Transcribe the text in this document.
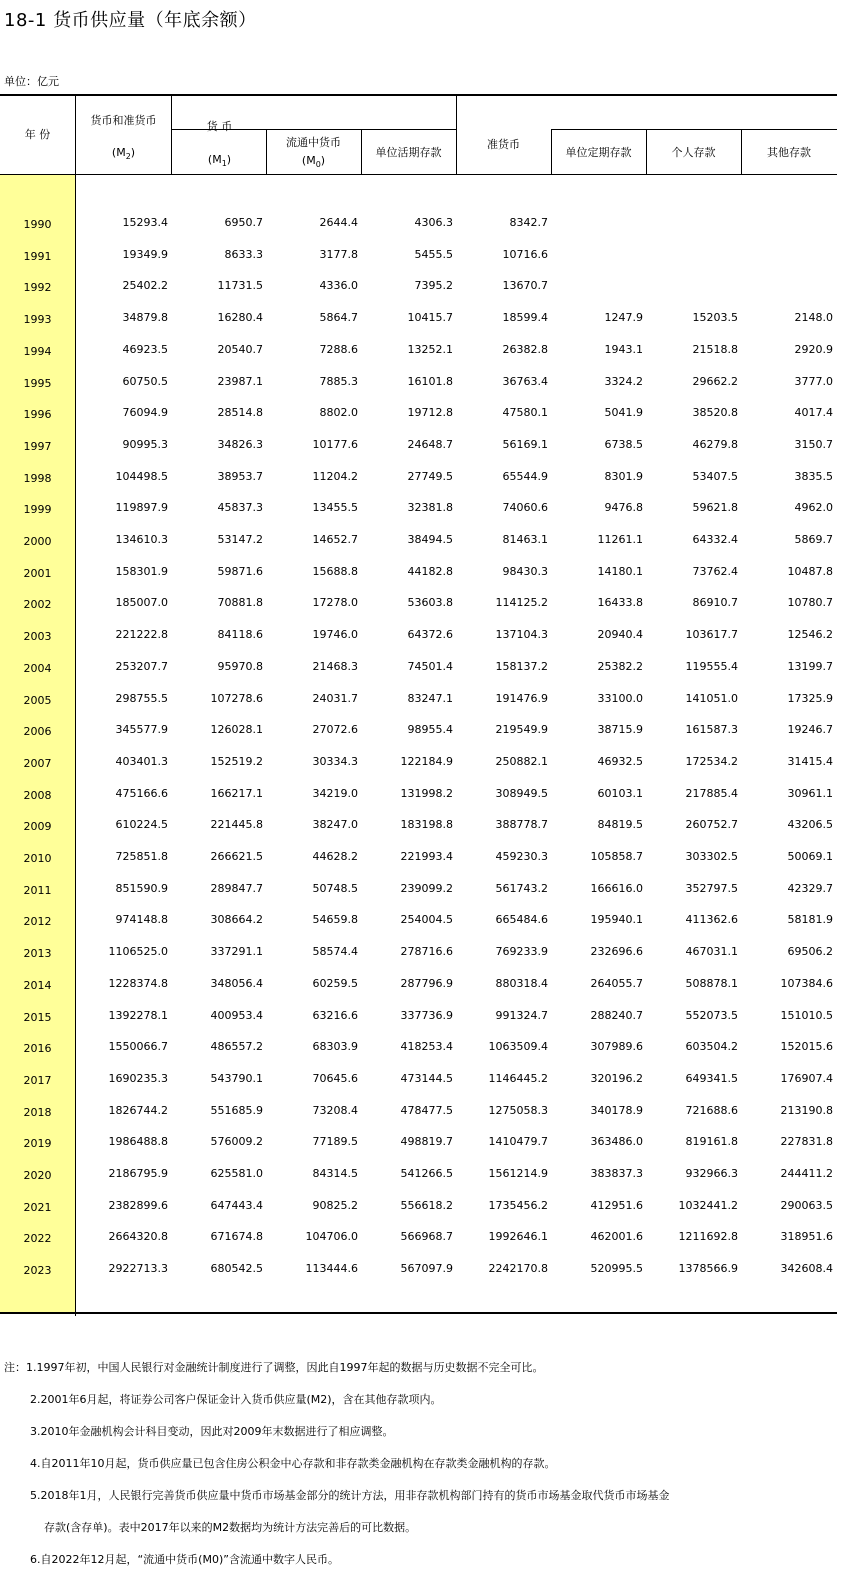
18-1 货币供应量（年底余额）
单位：亿元
年 份
货币和准货币
$(M_2)$
货 币
$(M_1)$
流通中货币
$(M_0)$
单位活期存款
准货币
单位定期存款	个人存款	其他存款
1990	15293.4	6950.7	2644.4	4306.3	8342.7
1991	19349.9	8633.3	3177.8	5455.5	10716.6
1992	25402.2	11731.5	4336.0	7395.2	13670.7
1993	34879.8	16280.4	5864.7	10415.7	18599.4	1247.9	15203.5	2148.0
1994	46923.5	20540.7	7288.6	13252.1	26382.8	1943.1	21518.8	2920.9
1995	60750.5	23987.1	7885.3	16101.8	36763.4	3324.2	29662.2	3777.0
1996	76094.9	28514.8	8802.0	19712.8	47580.1	5041.9	38520.8	4017.4
1997	90995.3	34826.3	10177.6	24648.7	56169.1	6738.5	46279.8	3150.7
1998	104498.5	38953.7	11204.2	27749.5	65544.9	8301.9	53407.5	3835.5
1999	119897.9	45837.3	13455.5	32381.8	74060.6	9476.8	59621.8	4962.0
2000	134610.3	53147.2	14652.7	38494.5	81463.1	11261.1	64332.4	5869.7
2001	158301.9	59871.6	15688.8	44182.8	98430.3	14180.1	73762.4	10487.8
2002	185007.0	70881.8	17278.0	53603.8	114125.2	16433.8	86910.7	10780.7
2003	221222.8	84118.6	19746.0	64372.6	137104.3	20940.4	103617.7	12546.2
2004	253207.7	95970.8	21468.3	74501.4	158137.2	25382.2	119555.4	13199.7
2005	298755.5	107278.6	24031.7	83247.1	191476.9	33100.0	141051.0	17325.9
2006	345577.9	126028.1	27072.6	98955.4	219549.9	38715.9	161587.3	19246.7
2007	403401.3	152519.2	30334.3	122184.9	250882.1	46932.5	172534.2	31415.4
2008	475166.6	166217.1	34219.0	131998.2	308949.5	60103.1	217885.4	30961.1
2009	610224.5	221445.8	38247.0	183198.8	388778.7	84819.5	260752.7	43206.5
2010	725851.8	266621.5	44628.2	221993.4	459230.3	105858.7	303302.5	50069.1
2011	851590.9	289847.7	50748.5	239099.2	561743.2	166616.0	352797.5	42329.7
2012	974148.8	308664.2	54659.8	254004.5	665484.6	195940.1	411362.6	58181.9
2013	1106525.0	337291.1	58574.4	278716.6	769233.9	232696.6	467031.1	69506.2
2014	1228374.8	348056.4	60259.5	287796.9	880318.4	264055.7	508878.1	107384.6
2015	1392278.1	400953.4	63216.6	337736.9	991324.7	288240.7	552073.5	151010.5
2016	1550066.7	486557.2	68303.9	418253.4	1063509.4	307989.6	603504.2	152015.6
2017	1690235.3	543790.1	70645.6	473144.5	1146445.2	320196.2	649341.5	176907.4
2018	1826744.2	551685.9	73208.4	478477.5	1275058.3	340178.9	721688.6	213190.8
2019	1986488.8	576009.2	77189.5	498819.7	1410479.7	363486.0	819161.8	227831.8
2020	2186795.9	625581.0	84314.5	541266.5	1561214.9	383837.3	932966.3	244411.2
2021	2382899.6	647443.4	90825.2	556618.2	1735456.2	412951.6	1032441.2	290063.5
2022	2664320.8	671674.8	104706.0	566968.7	1992646.1	462001.6	1211692.8	318951.6
2023	2922713.3	680542.5	113444.6	567097.9	2242170.8	520995.5	1378566.9	342608.4
注：1.1997年初，中国人民银行对金融统计制度进行了调整，因此自1997年起的数据与历史数据不完全可比。
2.2001年6月起，将证券公司客户保证金计入货币供应量(M2)，含在其他存款项内。
3.2010年金融机构会计科目变动，因此对2009年末数据进行了相应调整。
4.自2011年10月起，货币供应量已包含住房公积金中心存款和非存款类金融机构在存款类金融机构的存款。
5.2018年1月，人民银行完善货币供应量中货币市场基金部分的统计方法，用非存款机构部门持有的货币市场基金取代货币市场基金
存款(含存单)。表中2017年以来的M2数据均为统计方法完善后的可比数据。
6.自2022年12月起，“流通中货币(M0)”含流通中数字人民币。
